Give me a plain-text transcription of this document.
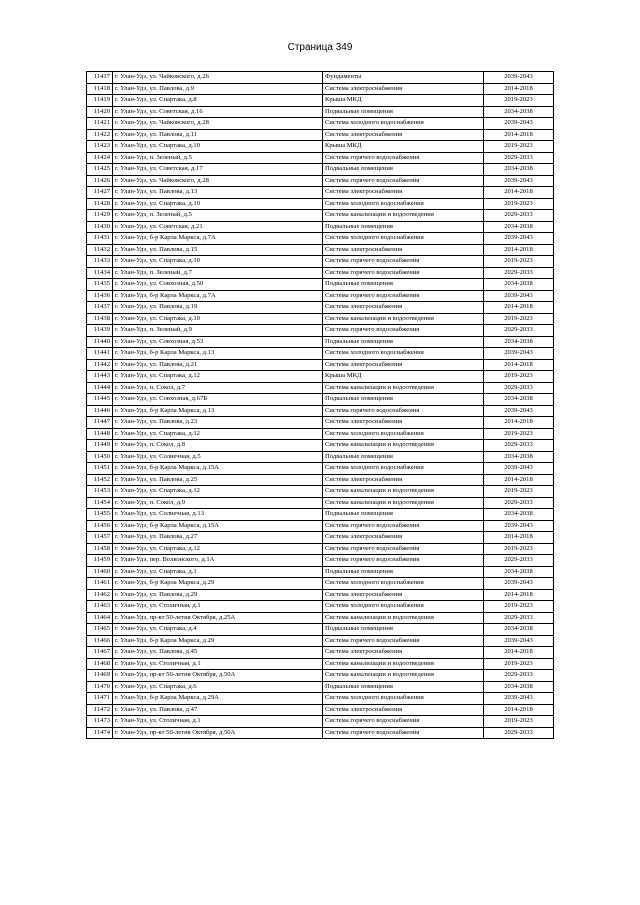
Страница 349
11417	г. Улан-Удэ, ул. Чайковского, д.26	Фундаменты	2039-2043
11418	г. Улан-Удэ, ул. Павлова, д.9	Система электроснабжения	2014-2018
11419	г. Улан-Удэ, ул. Спартака, д.8	Крыша МКД	2019-2023
11420	г. Улан-Удэ, ул. Советская, д.16	Подвальные помещения	2034-2038
11421	г. Улан-Удэ, ул. Чайковского, д.28	Система холодного водоснабжения	2039-2043
11422	г. Улан-Удэ, ул. Павлова, д.11	Система электроснабжения	2014-2018
11423	г. Улан-Удэ, ул. Спартака, д.10	Крыша МКД	2019-2023
11424	г. Улан-Удэ, п. Зеленый, д.5	Система горячего водоснабжения	2029-2033
11425	г. Улан-Удэ, ул. Советская, д.17	Подвальные помещения	2034-2038
11426	г. Улан-Удэ, ул. Чайковского, д.28	Система горячего водоснабжения	2039-2043
11427	г. Улан-Удэ, ул. Павлова, д.13	Система электроснабжения	2014-2018
11428	г. Улан-Удэ, ул. Спартака, д.10	Система холодного водоснабжения	2019-2023
11429	г. Улан-Удэ, п. Зеленый, д.5	Система канализации и водоотведения	2029-2033
11430	г. Улан-Удэ, ул. Советская, д.21	Подвальные помещения	2034-2038
11431	г. Улан-Удэ, б-р Карла Маркса, д.7А	Система холодного водоснабжения	2039-2043
11432	г. Улан-Удэ, ул. Павлова, д.15	Система электроснабжения	2014-2018
11433	г. Улан-Удэ, ул. Спартака, д.10	Система горячего водоснабжения	2019-2023
11434	г. Улан-Удэ, п. Зеленый, д.7	Система горячего водоснабжения	2029-2033
11435	г. Улан-Удэ, ул. Совхозная, д.50	Подвальные помещения	2034-2038
11436	г. Улан-Удэ, б-р Карла Маркса, д.7А	Система горячего водоснабжения	2039-2043
11437	г. Улан-Удэ, ул. Павлова, д.19	Система электроснабжения	2014-2018
11438	г. Улан-Удэ, ул. Спартака, д.10	Система канализации и водоотведения	2019-2023
11439	г. Улан-Удэ, п. Зеленый, д.9	Система горячего водоснабжения	2029-2033
11440	г. Улан-Удэ, ул. Совхозная, д.53	Подвальные помещения	2034-2038
11441	г. Улан-Удэ, б-р Карла Маркса, д.13	Система холодного водоснабжения	2039-2043
11442	г. Улан-Удэ, ул. Павлова, д.21	Система электроснабжения	2014-2018
11443	г. Улан-Удэ, ул. Спартака, д.12	Крыша МКД	2019-2023
11444	г. Улан-Удэ, п. Сокол, д.7	Система канализации и водоотведения	2029-2033
11445	г. Улан-Удэ, ул. Совхозная, д.67Б	Подвальные помещения	2034-2038
11446	г. Улан-Удэ, б-р Карла Маркса, д.13	Система горячего водоснабжения	2039-2043
11447	г. Улан-Удэ, ул. Павлова, д.23	Система электроснабжения	2014-2018
11448	г. Улан-Удэ, ул. Спартака, д.12	Система холодного водоснабжения	2019-2023
11449	г. Улан-Удэ, п. Сокол, д.8	Система канализации и водоотведения	2029-2033
11450	г. Улан-Удэ, ул. Солнечная, д.5	Подвальные помещения	2034-2038
11451	г. Улан-Удэ, б-р Карла Маркса, д.15А	Система холодного водоснабжения	2039-2043
11452	г. Улан-Удэ, ул. Павлова, д.25	Система электроснабжения	2014-2018
11453	г. Улан-Удэ, ул. Спартака, д.12	Система канализации и водоотведения	2019-2023
11454	г. Улан-Удэ, п. Сокол, д.9	Система канализации и водоотведения	2029-2033
11455	г. Улан-Удэ, ул. Солнечная, д.13	Подвальные помещения	2034-2038
11456	г. Улан-Удэ, б-р Карла Маркса, д.15А	Система горячего водоснабжения	2039-2043
11457	г. Улан-Удэ, ул. Павлова, д.27	Система электроснабжения	2014-2018
11458	г. Улан-Удэ, ул. Спартака, д.12	Система горячего водоснабжения	2019-2023
11459	г. Улан-Удэ, пер. Волконского, д.1А	Система горячего водоснабжения	2029-2033
11460	г. Улан-Удэ, ул. Спартака, д.1	Подвальные помещения	2034-2038
11461	г. Улан-Удэ, б-р Карла Маркса, д.29	Система холодного водоснабжения	2039-2043
11462	г. Улан-Удэ, ул. Павлова, д.29	Система электроснабжения	2014-2018
11463	г. Улан-Удэ, ул. Столичная, д.1	Система холодного водоснабжения	2019-2023
11464	г. Улан-Удэ, пр-кт 50-летия Октября, д.25А	Система канализации и водоотведения	2029-2033
11465	г. Улан-Удэ, ул. Спартака, д.4	Подвальные помещения	2034-2038
11466	г. Улан-Удэ, б-р Карла Маркса, д.29	Система горячего водоснабжения	2039-2043
11467	г. Улан-Удэ, ул. Павлова, д.45	Система электроснабжения	2014-2018
11468	г. Улан-Удэ, ул. Столичная, д.1	Система канализации и водоотведения	2019-2023
11469	г. Улан-Удэ, пр-кт 50-летия Октября, д.50А	Система канализации и водоотведения	2029-2033
11470	г. Улан-Удэ, ул. Спартака, д.6	Подвальные помещения	2034-2038
11471	г. Улан-Удэ, б-р Карла Маркса, д.29А	Система холодного водоснабжения	2039-2043
11472	г. Улан-Удэ, ул. Павлова, д.47	Система электроснабжения	2014-2018
11473	г. Улан-Удэ, ул. Столичная, д.1	Система горячего водоснабжения	2019-2023
11474	г. Улан-Удэ, пр-кт 50-летия Октября, д.50А	Система горячего водоснабжения	2029-2033
